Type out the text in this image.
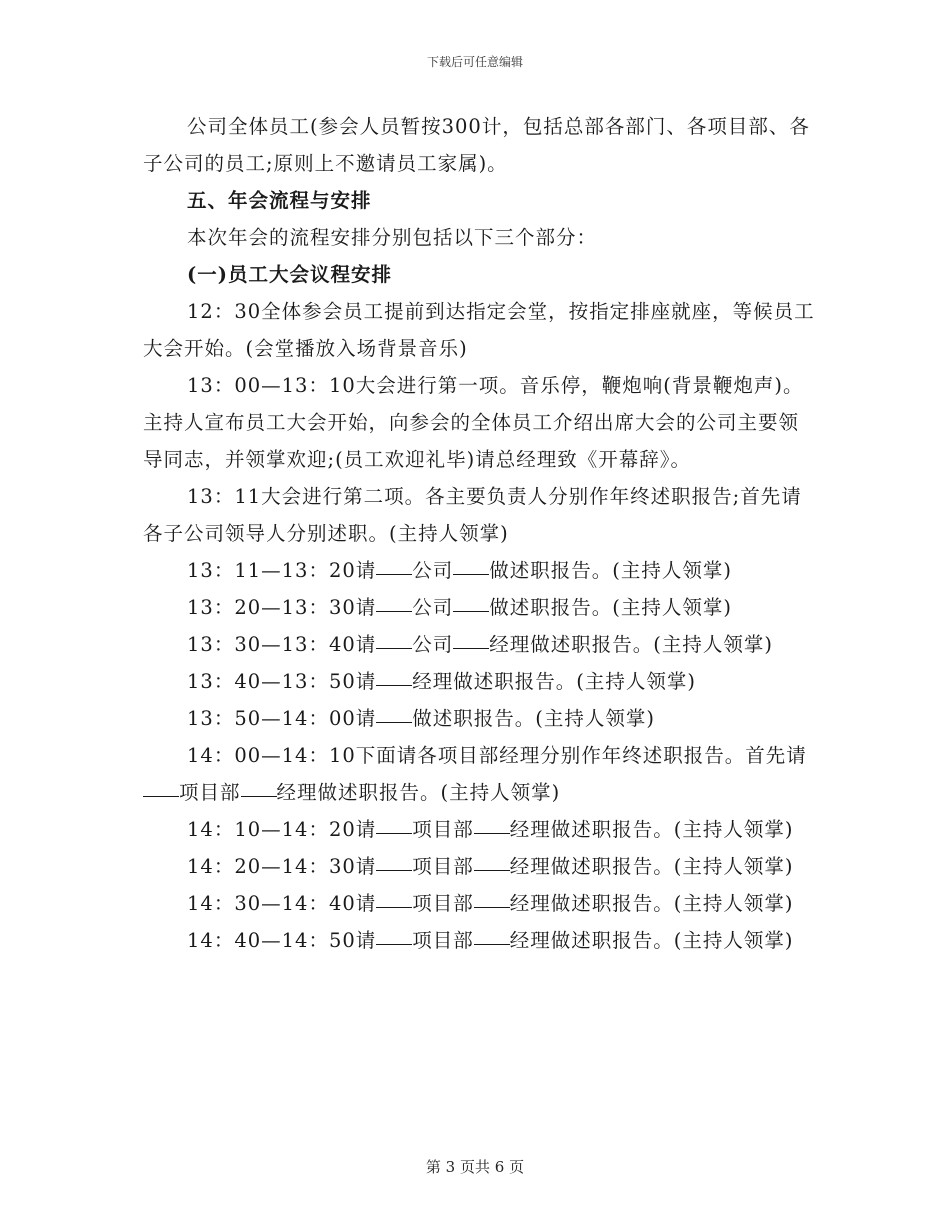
下载后可任意编辑

公司全体员工(参会人员暂按300计，包括总部各部门、各项目部、各子公司的员工;原则上不邀请员工家属)。

五、年会流程与安排

本次年会的流程安排分别包括以下三个部分：

(一)员工大会议程安排

12：30全体参会员工提前到达指定会堂，按指定排座就座，等候员工大会开始。(会堂播放入场背景音乐)

13：00—13：10大会进行第一项。音乐停，鞭炮响(背景鞭炮声)。主持人宣布员工大会开始，向参会的全体员工介绍出席大会的公司主要领导同志，并领掌欢迎;(员工欢迎礼毕)请总经理致《开幕辞》。

13：11大会进行第二项。各主要负责人分别作年终述职报告;首先请各子公司领导人分别述职。(主持人领掌)

13：11—13：20请 公司 做述职报告。(主持人领掌)

13：20—13：30请 公司 做述职报告。(主持人领掌)

13：30—13：40请 公司 经理做述职报告。(主持人领掌)

13：40—13：50请 经理做述职报告。(主持人领掌)

13：50—14：00请 做述职报告。(主持人领掌)

14：00—14：10下面请各项目部经理分别作年终述职报告。首先请项目部 经理做述职报告。(主持人领掌)

14：10—14：20请 项目部 经理做述职报告。(主持人领掌)

14：20—14：30请 项目部 经理做述职报告。(主持人领掌)

14：30—14：40请 项目部 经理做述职报告。(主持人领掌)

14：40—14：50请 项目部 经理做述职报告。(主持人领掌)

第 3 页共 6 页
